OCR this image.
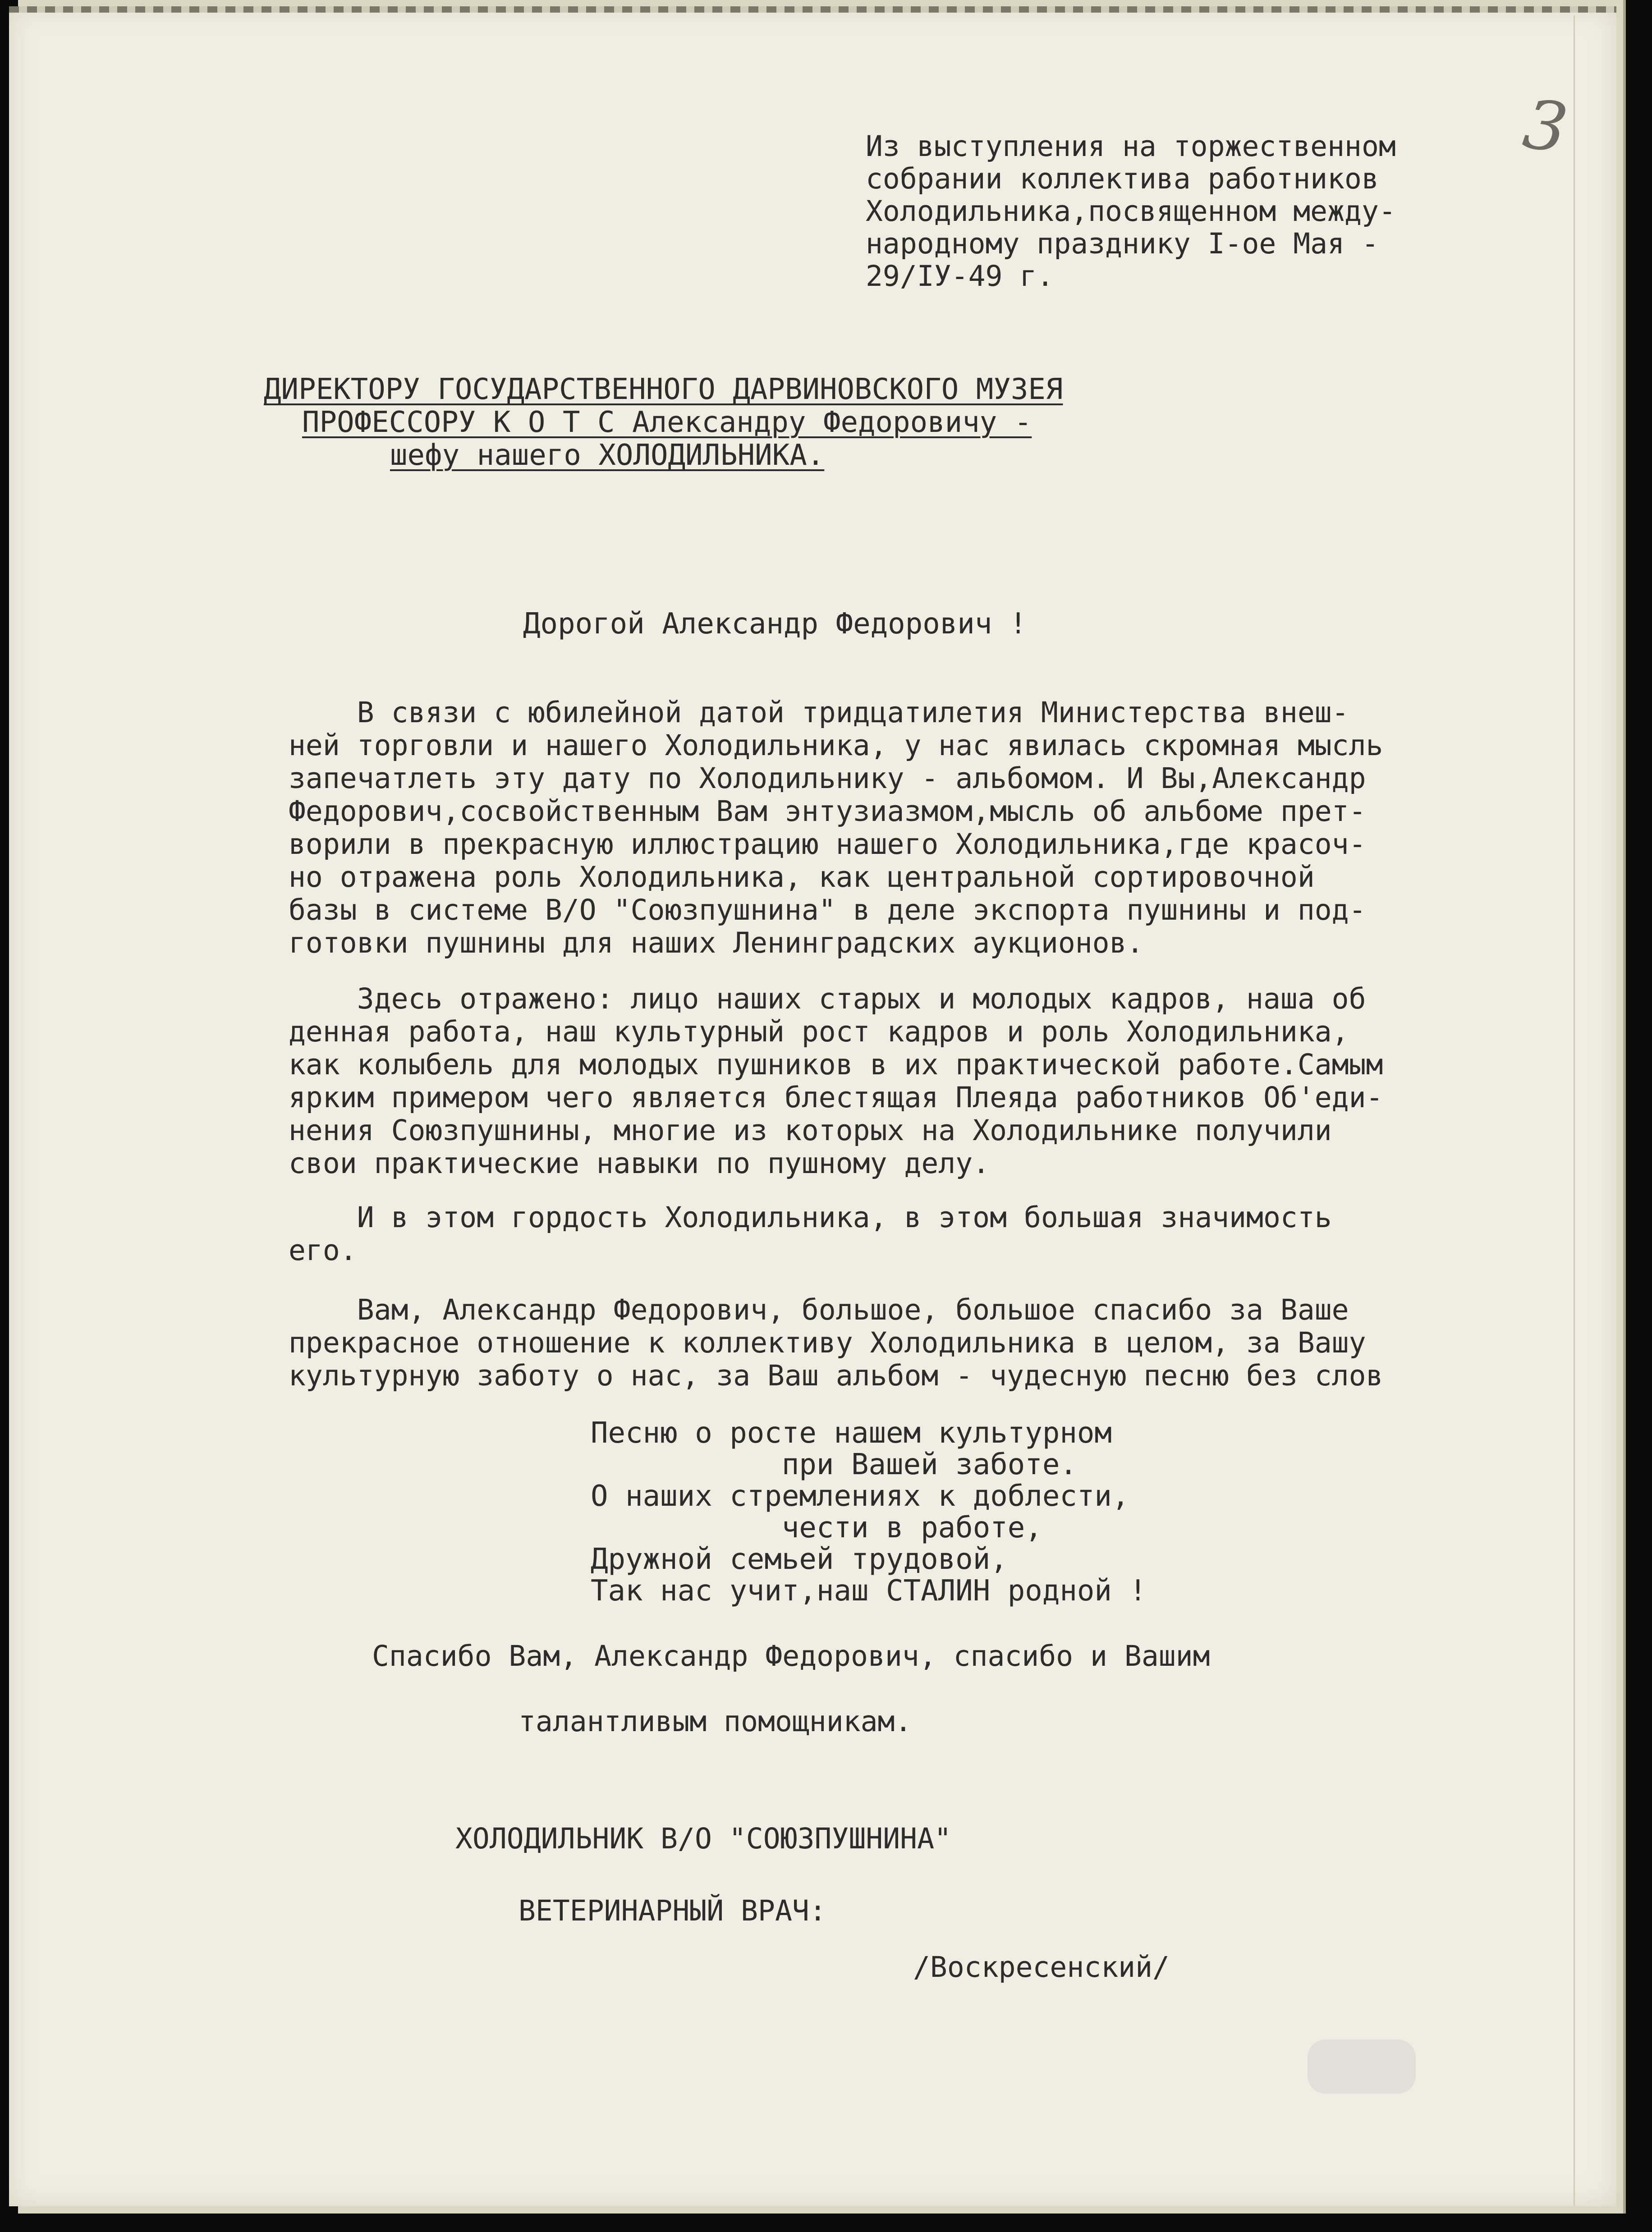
3

Из выступления на торжественном

собрании коллектива работников

Холодильника,посвященном между-

народному празднику I-ое Мая -

29/IУ-49 г.

ДИРЕКТОРУ ГОСУДАРСТВЕННОГО ДАРВИНОВСКОГО МУЗЕЯ

ПРОФЕССОРУ К О Т С Александру Федоровичу -

шефу нашего ХОЛОДИЛЬНИКА.

Дорогой Александр Федорович !

В связи с юбилейной датой тридцатилетия Министерства внеш-

ней торговли и нашего Холодильника, у нас явилась скромная мысль

запечатлеть эту дату по Холодильнику - альбомом. И Вы,Александр

Федорович,сосвойственным Вам энтузиазмом,мысль об альбоме прет-

ворили в прекрасную иллюстрацию нашего Холодильника,где красоч-

но отражена роль Холодильника, как центральной сортировочной

базы в системе В/О "Союзпушнина" в деле экспорта пушнины и под-

готовки пушнины для наших Ленинградских аукционов.

Здесь отражено: лицо наших старых и молодых кадров, наша об

денная работа, наш культурный рост кадров и роль Холодильника,

как колыбель для молодых пушников в их практической работе.Самым

ярким примером чего является блестящая Плеяда работников Об'еди-

нения Союзпушнины, многие из которых на Холодильнике получили

свои практические навыки по пушному делу.

И в этом гордость Холодильника, в этом большая значимость

его.

Вам, Александр Федорович, большое, большое спасибо за Ваше

прекрасное отношение к коллективу Холодильника в целом, за Вашу

культурную заботу о нас, за Ваш альбом - чудесную песню без слов

Песню о росте нашем культурном

при Вашей заботе.

О наших стремлениях к доблести,

чести в работе,

Дружной семьей трудовой,

Так нас учит,наш СТАЛИН родной !

Спасибо Вам, Александр Федорович, спасибо и Вашим

талантливым помощникам.

ХОЛОДИЛЬНИК В/О "СОЮЗПУШНИНА"

ВЕТЕРИНАРНЫЙ ВРАЧ:

/Воскресенский/
